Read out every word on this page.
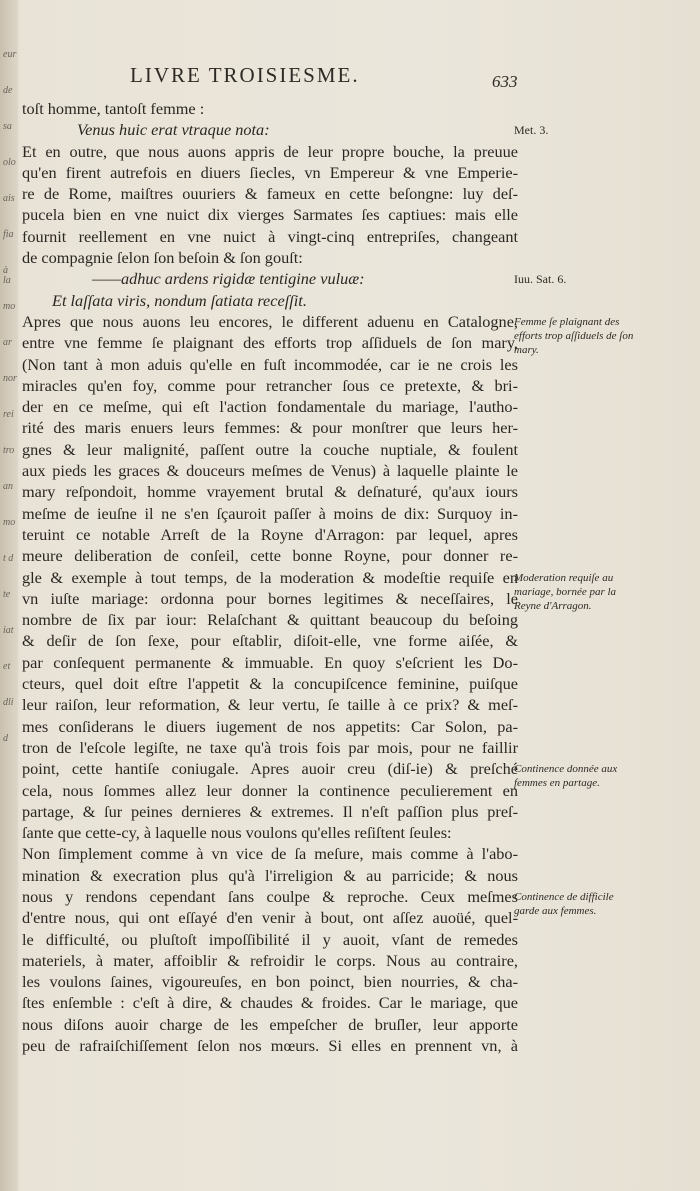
eur
de
sa
olo
ais
fia
à la
mo
ar
nor
rei
tro
an
mo
t d
te
iat
et
dli
d
LIVRE TROISIESME.	633
toſt homme, tantoſt femme :
Venus huic erat vtraque nota:
Et en outre, que nous auons appris de leur propre bouche, la preuue
qu'en firent autrefois en diuers ſiecles, vn Empereur & vne Emperie-
re de Rome, maiſtres ouuriers & fameux en cette beſongne: luy deſ-
pucela bien en vne nuict dix vierges Sarmates ſes captiues: mais elle
fournit reellement en vne nuict à vingt-cinq entrepriſes, changeant
de compagnie ſelon ſon beſoin & ſon gouſt:
——adhuc ardens rigidæ tentigine vuluæ:
Et laſſata viris, nondum ſatiata receſſit.
Apres que nous auons leu encores, le different aduenu en Catalogne,
entre vne femme ſe plaignant des efforts trop aſſiduels de ſon mary,
(Non tant à mon aduis qu'elle en fuſt incommodée, car ie ne crois les
miracles qu'en foy, comme pour retrancher ſous ce pretexte, & bri-
der en ce meſme, qui eſt l'action fondamentale du mariage, l'autho-
rité des maris enuers leurs femmes: & pour monſtrer que leurs her-
gnes & leur malignité, paſſent outre la couche nuptiale, & foulent
aux pieds les graces & douceurs meſmes de Venus) à laquelle plainte le
mary reſpondoit, homme vrayement brutal & deſnaturé, qu'aux iours
meſme de ieuſne il ne s'en ſçauroit paſſer à moins de dix: Surquoy in-
teruint ce notable Arreſt de la Royne d'Arragon: par lequel, apres
meure deliberation de conſeil, cette bonne Royne, pour donner re-
gle & exemple à tout temps, de la moderation & modeſtie requiſe en
vn iuſte mariage: ordonna pour bornes legitimes & neceſſaires, le
nombre de ſix par iour: Relaſchant & quittant beaucoup du beſoing
& deſir de ſon ſexe, pour eſtablir, diſoit-elle, vne forme aiſée, &
par conſequent permanente & immuable. En quoy s'eſcrient les Do-
cteurs, quel doit eſtre l'appetit & la concupiſcence feminine, puiſque
leur raiſon, leur reformation, & leur vertu, ſe taille à ce prix? & meſ-
mes conſiderans le diuers iugement de nos appetits: Car Solon, pa-
tron de l'eſcole legiſte, ne taxe qu'à trois fois par mois, pour ne faillir
point, cette hantiſe coniugale. Apres auoir creu (diſ-ie) & preſché
cela, nous ſommes allez leur donner la continence peculierement en
partage, & ſur peines dernieres & extremes. Il n'eſt paſſion plus preſ-
ſante que cette-cy, à laquelle nous voulons qu'elles reſiſtent ſeules:
Non ſimplement comme à vn vice de ſa meſure, mais comme à l'abo-
mination & execration plus qu'à l'irreligion & au parricide; & nous
nous y rendons cependant ſans coulpe & reproche. Ceux meſmes
d'entre nous, qui ont eſſayé d'en venir à bout, ont aſſez auoüé, quel-
le difficulté, ou pluſtoſt impoſſibilité il y auoit, vſant de remedes
materiels, à mater, affoiblir & refroidir le corps. Nous au contraire,
les voulons ſaines, vigoureuſes, en bon poinct, bien nourries, & cha-
ſtes enſemble : c'eſt à dire, & chaudes & froides. Car le mariage, que
nous diſons auoir charge de les empeſcher de bruſler, leur apporte
peu de rafraiſchiſſement ſelon nos mœurs. Si elles en prennent vn, à
Met. 3.
Iuu. Sat. 6.
Femme ſe plaignant des efforts trop aſſiduels de ſon mary.
Moderation requiſe au mariage, bornée par la Reyne d'Arragon.
Continence donnée aux femmes en partage.
Continence de difficile garde aux femmes.
